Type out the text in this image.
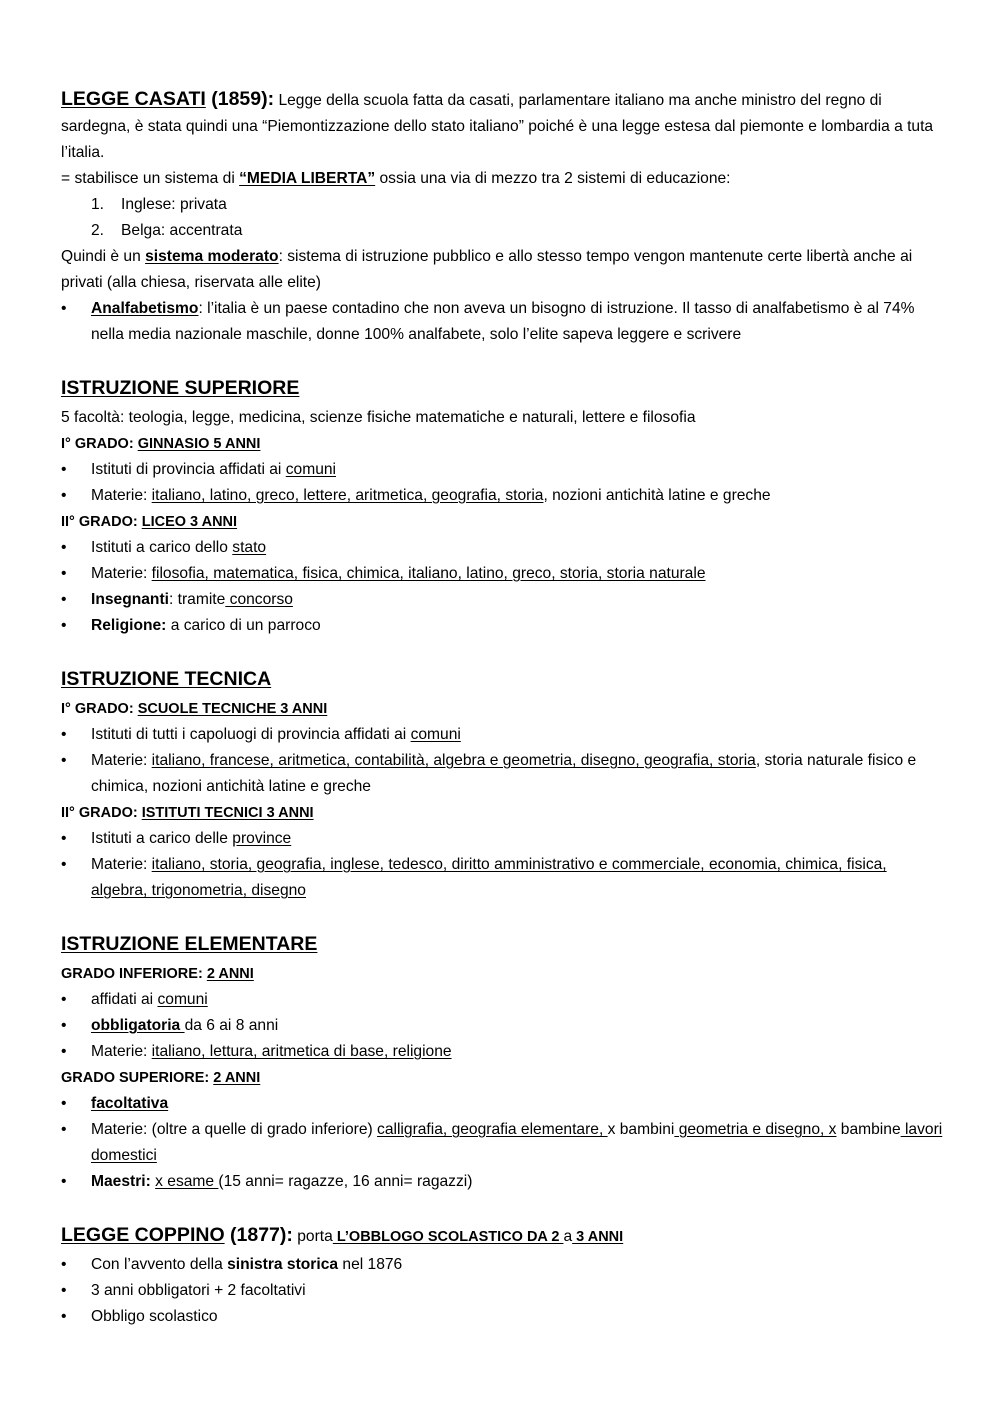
LEGGE CASATI (1859): Legge della scuola fatta da casati, parlamentare italiano ma anche ministro del regno di sardegna, è stata quindi una “Piemontizzazione dello stato italiano” poiché è una legge estesa dal piemonte e lombardia a tuta l’italia.
= stabilisce un sistema di “MEDIA LIBERTA” ossia una via di mezzo tra 2 sistemi di educazione:
1.	Inglese: privata
2.	Belga: accentrata
Quindi è un sistema moderato: sistema di istruzione pubblico e allo stesso tempo vengon mantenute certe libertà anche ai privati (alla chiesa, riservata alle elite)
•	Analfabetismo: l’italia è un paese contadino che non aveva un bisogno di istruzione. Il tasso di analfabetismo è al 74% nella media nazionale maschile, donne 100% analfabete, solo l’elite sapeva leggere e scrivere
ISTRUZIONE SUPERIORE
5 facoltà: teologia, legge, medicina, scienze fisiche matematiche e naturali, lettere e filosofia
I° GRADO: GINNASIO 5 ANNI
•	Istituti di provincia affidati ai comuni
•	Materie: italiano, latino, greco, lettere, aritmetica, geografia, storia, nozioni antichità latine e greche
II° GRADO: LICEO 3 ANNI
•	Istituti a carico dello stato
•	Materie: filosofia, matematica, fisica, chimica, italiano, latino, greco, storia, storia naturale
•	Insegnanti: tramite concorso
•	Religione: a carico di un parroco
ISTRUZIONE TECNICA
I° GRADO: SCUOLE TECNICHE 3 ANNI
•	Istituti di tutti i capoluogi di provincia affidati ai comuni
•	Materie: italiano, francese, aritmetica, contabilità, algebra e geometria, disegno, geografia, storia, storia naturale fisico e chimica, nozioni antichità latine e greche
II° GRADO: ISTITUTI TECNICI 3 ANNI
•	Istituti a carico delle province
•	Materie: italiano, storia, geografia, inglese, tedesco, diritto amministrativo e commerciale, economia, chimica, fisica, algebra, trigonometria, disegno
ISTRUZIONE ELEMENTARE
GRADO INFERIORE: 2 ANNI
•	affidati ai comuni
•	obbligatoria da 6 ai 8 anni
•	Materie: italiano, lettura, aritmetica di base, religione
GRADO SUPERIORE: 2 ANNI
•	facoltativa
•	Materie: (oltre a quelle di grado inferiore) calligrafia, geografia elementare, x bambini geometria e disegno, x bambine lavori domestici
•	Maestri: x esame (15 anni= ragazze, 16 anni= ragazzi)
LEGGE COPPINO (1877): porta L’OBBLOGO SCOLASTICO DA 2 a 3 ANNI
•	Con l’avvento della sinistra storica nel 1876
•	3 anni obbligatori + 2 facoltativi
•	Obbligo scolastico
